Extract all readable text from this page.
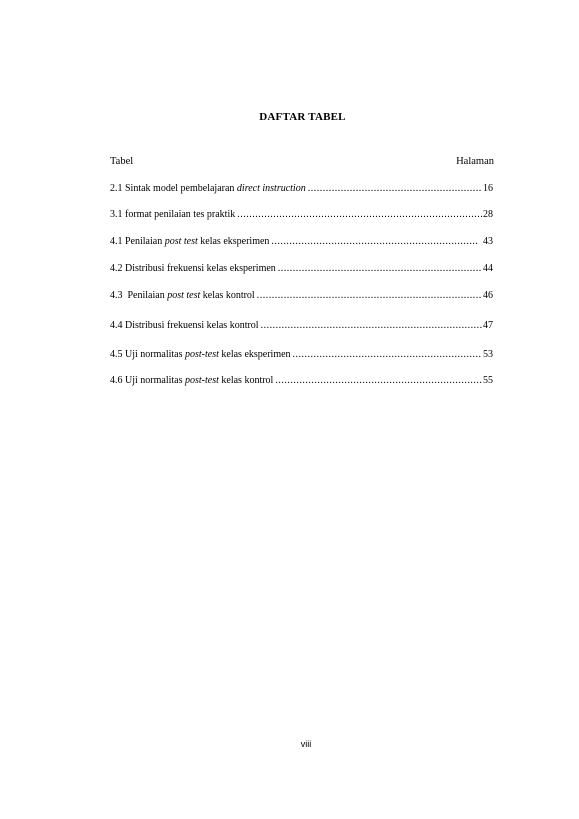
DAFTAR TABEL
Tabel	Halaman
2.1 Sintak model pembelajaran direct instruction .....	16
3.1 format penilaian tes praktik .....	28
4.1 Penilaian post test kelas eksperimen .....	43
4.2 Distribusi frekuensi kelas eksperimen .....	44
4.3  Penilaian post test kelas kontrol .....	46
4.4 Distribusi frekuensi kelas kontrol .....	47
4.5 Uji normalitas post-test kelas eksperimen .....	53
4.6 Uji normalitas post-test kelas kontrol .....	55
viii
